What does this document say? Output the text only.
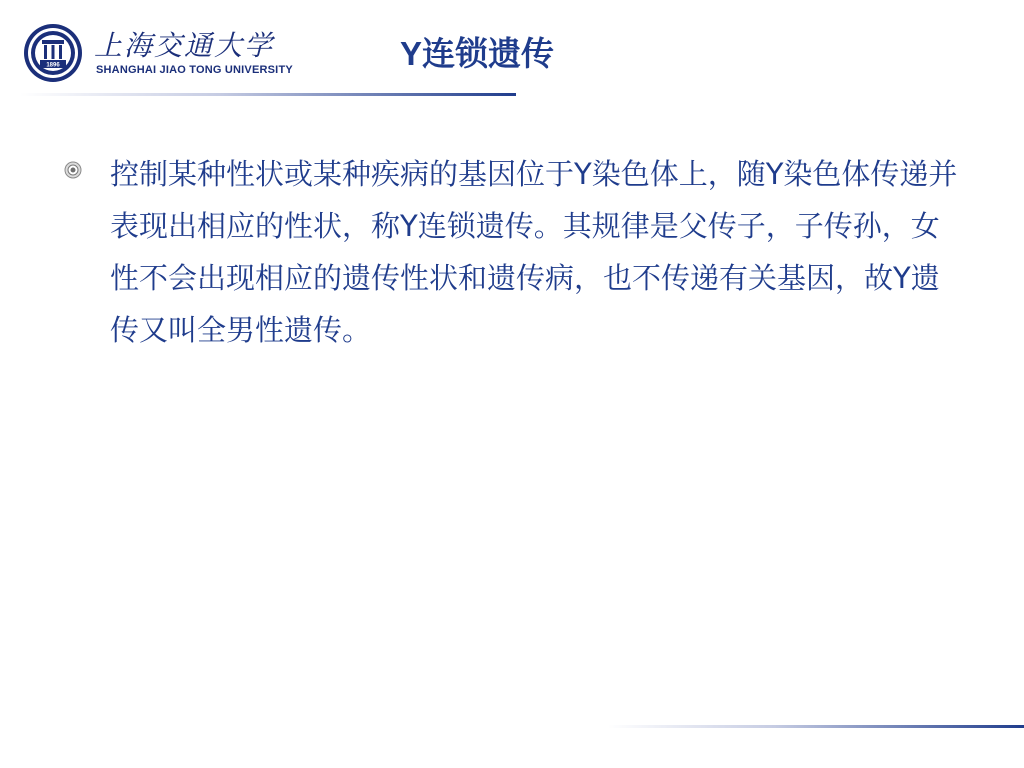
1896
上海交通大学
SHANGHAI JIAO TONG UNIVERSITY	Y连锁遗传
控制某种性状或某种疾病的基因位于Y染色体上，随Y染色体传递并表现出相应的性状，称Y连锁遗传。其规律是父传子，子传孙，女性不会出现相应的遗传性状和遗传病，也不传递有关基因，故Y遗传又叫全男性遗传。
